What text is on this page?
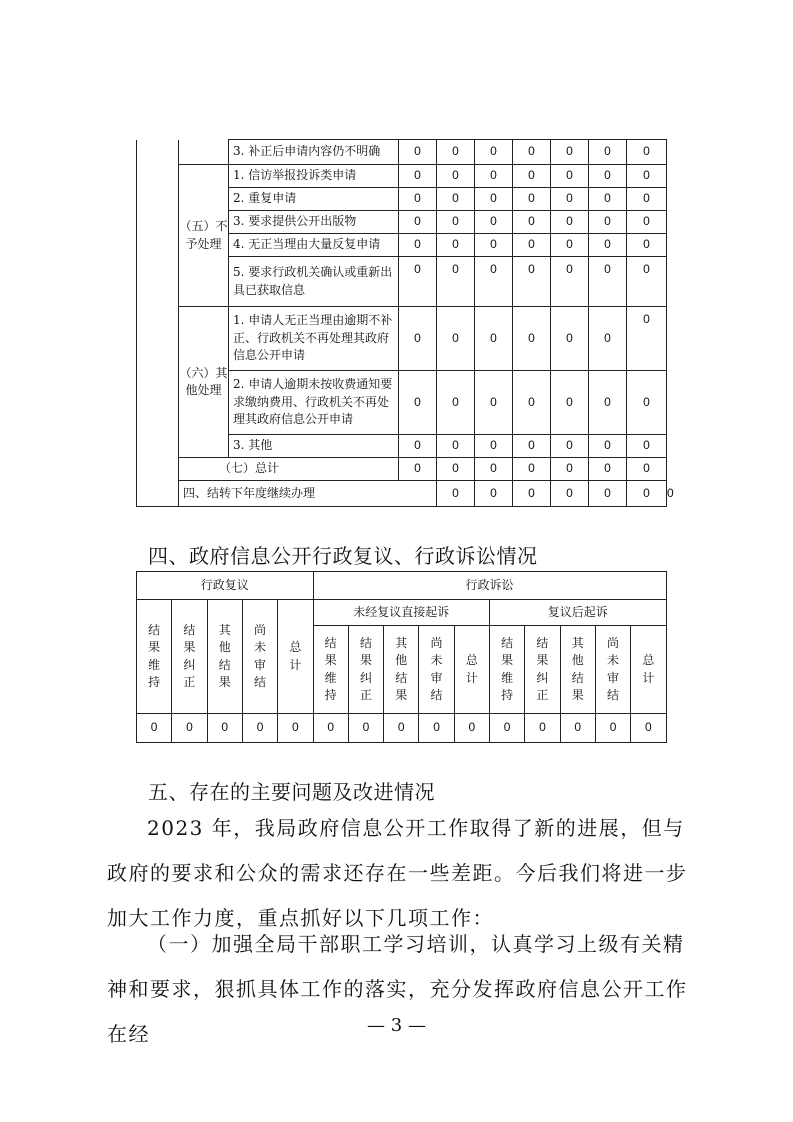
		3. 补正后申请内容仍不明确	0	0	0	0	0	0	0	
	（五）不予处理	1. 信访举报投诉类申请	0	0	0	0	0	0	0	
		2. 重复申请	0	0	0	0	0	0	0	
		3. 要求提供公开出版物	0	0	0	0	0	0	0	
		4. 无正当理由大量反复申请	0	0	0	0	0	0	0	
		5. 要求行政机关确认或重新出具已获取信息	0	0	0	0	0	0	0	
	（六）其他处理	1. 申请人无正当理由逾期不补正、行政机关不再处理其政府信息公开申请	0	0	0	0	0	0	0	
		2. 申请人逾期未按收费通知要求缴纳费用、行政机关不再处理其政府信息公开申请	0	0	0	0	0	0	0	
		3. 其他	0	0	0	0	0	0	0	
	（七）总计		0	0	0	0	0	0	0	
	四、结转下年度继续办理			0	0	0	0	0	0	0
四、政府信息公开行政复议、行政诉讼情况
行政复议					行政诉讼									
结果维持	结果纠正	其他结果	尚未审结	总计	未经复议直接起诉					复议后起诉				
					结果维持	结果纠正	其他结果	尚未审结	总计	结果维持	结果纠正	其他结果	尚未审结	总计
0	0	0	0	0	0	0	0	0	0	0	0	0	0	0
五、存在的主要问题及改进情况
2023 年，我局政府信息公开工作取得了新的进展，但与政府的要求和公众的需求还存在一些差距。今后我们将进一步加大工作力度，重点抓好以下几项工作：
（一）加强全局干部职工学习培训，认真学习上级有关精神和要求，狠抓具体工作的落实，充分发挥政府信息公开工作在经	— 3 —
